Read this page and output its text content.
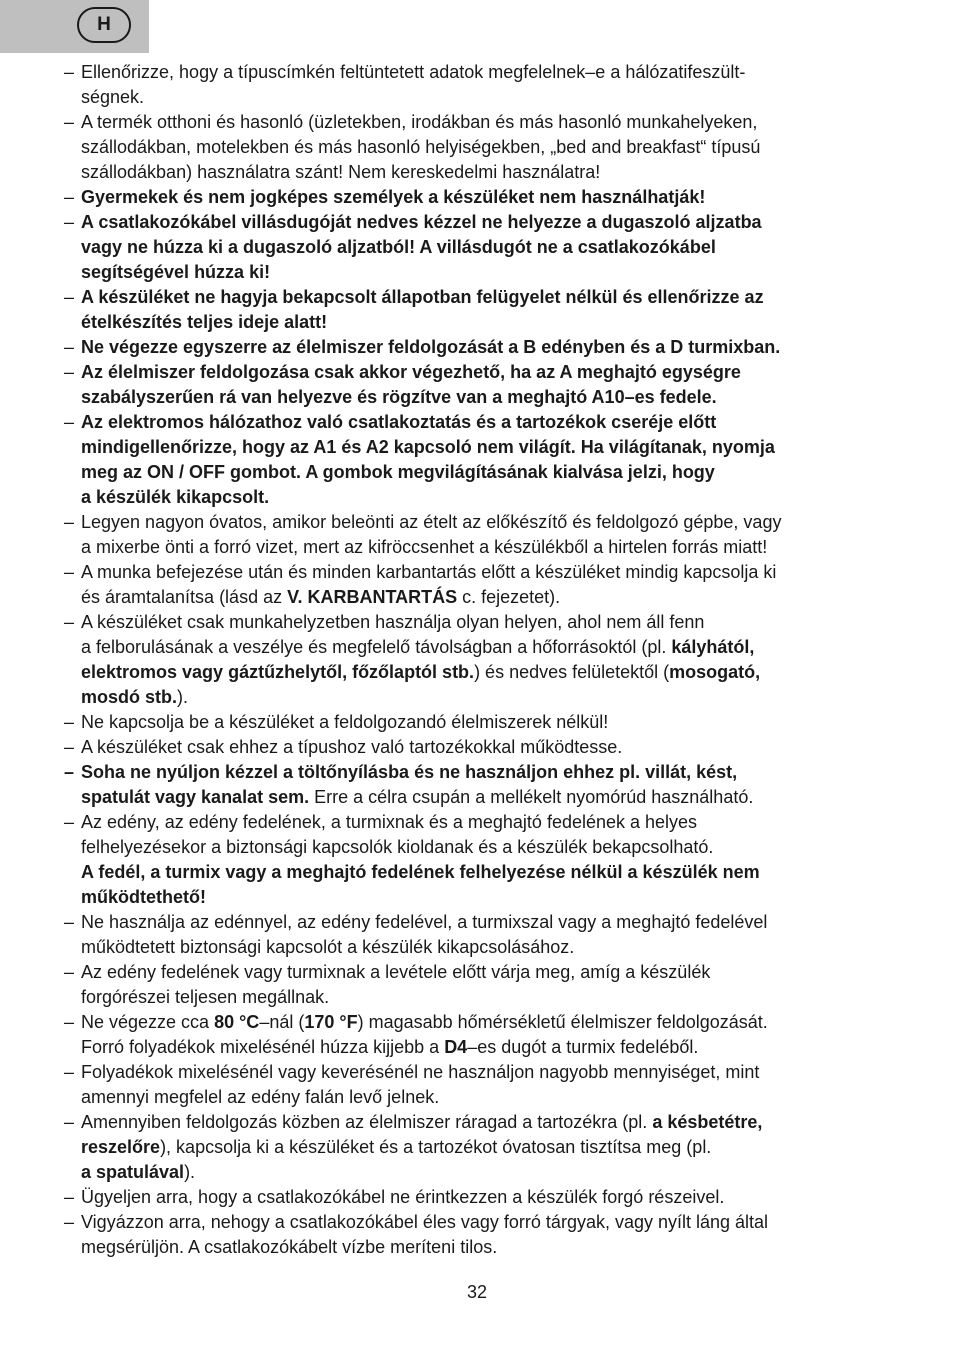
H
– Ellenőrizze, hogy a típuscímkén feltüntetett adatok megfelelnek–e a hálózatifeszült-
ségnek.
– A termék otthoni és hasonló (üzletekben, irodákban és más hasonló munkahelyeken,
szállodákban, motelekben és más hasonló helyiségekben, „bed and breakfast“ típusú
szállodákban) használatra szánt! Nem kereskedelmi használatra!
– Gyermekek és nem jogképes személyek a készüléket nem használhatják!
– A csatlakozókábel villásdugóját nedves kézzel ne helyezze a dugaszoló aljzatba
vagy ne húzza ki a dugaszoló aljzatból! A villásdugót ne a csatlakozókábel
segítségével húzza ki!
– A készüléket ne hagyja bekapcsolt állapotban felügyelet nélkül és ellenőrizze az
ételkészítés teljes ideje alatt!
– Ne végezze egyszerre az élelmiszer feldolgozását a B edényben és a D turmixban.
– Az élelmiszer feldolgozása csak akkor végezhető, ha az A meghajtó egységre
szabályszerűen rá van helyezve és rögzítve van a meghajtó A10–es fedele.
– Az elektromos hálózathoz való csatlakoztatás és a tartozékok cseréje előtt
mindigellenőrizze, hogy az A1 és A2 kapcsoló nem világít. Ha világítanak, nyomja
meg az ON / OFF gombot. A gombok megvilágításának kialvása jelzi, hogy
a készülék kikapcsolt.
– Legyen nagyon óvatos, amikor beleönti az ételt az előkészítő és feldolgozó gépbe, vagy
a mixerbe önti a forró vizet, mert az kifröccsenhet a készülékből a hirtelen forrás miatt!
– A munka befejezése után és minden karbantartás előtt a készüléket mindig kapcsolja ki
és áramtalanítsa (lásd az V. KARBANTARTÁS c. fejezetet).
– A készüléket csak munkahelyzetben használja olyan helyen, ahol nem áll fenn
a felborulásának a veszélye és megfelelő távolságban a hőforrásoktól (pl. kályhától,
elektromos vagy gáztűzhelytől, főzőlaptól stb.) és nedves felületektől (mosogató,
mosdó stb.).
– Ne kapcsolja be a készüléket a feldolgozandó élelmiszerek nélkül!
– A készüléket csak ehhez a típushoz való tartozékokkal működtesse.
– Soha ne nyúljon kézzel a töltőnyílásba és ne használjon ehhez pl. villát, kést,
spatulát vagy kanalat sem. Erre a célra csupán a mellékelt nyomórúd használható.
– Az edény, az edény fedelének, a turmixnak és a meghajtó fedelének a helyes
felhelyezésekor a biztonsági kapcsolók kioldanak és a készülék bekapcsolható.
A fedél, a turmix vagy a meghajtó fedelének felhelyezése nélkül a készülék nem
működtethető!
– Ne használja az edénnyel, az edény fedelével, a turmixszal vagy a meghajtó fedelével
működtetett biztonsági kapcsolót a készülék kikapcsolásához.
– Az edény fedelének vagy turmixnak a levétele előtt várja meg, amíg a készülék
forgórészei teljesen megállnak.
– Ne végezze cca 80 °C–nál (170 °F) magasabb hőmérsékletű élelmiszer feldolgozását.
Forró folyadékok mixelésénél húzza kijjebb a D4–es dugót a turmix fedeléből.
– Folyadékok mixelésénél vagy keverésénél ne használjon nagyobb mennyiséget, mint
amennyi megfelel az edény falán levő jelnek.
– Amennyiben feldolgozás közben az élelmiszer ráragad a tartozékra (pl. a késbetétre,
reszelőre), kapcsolja ki a készüléket és a tartozékot óvatosan tisztítsa meg (pl.
a spatulával).
– Ügyeljen arra, hogy a csatlakozókábel ne érintkezzen a készülék forgó részeivel.
– Vigyázzon arra, nehogy a csatlakozókábel éles vagy forró tárgyak, vagy nyílt láng által
megsérüljön. A csatlakozókábelt vízbe meríteni tilos.
32
